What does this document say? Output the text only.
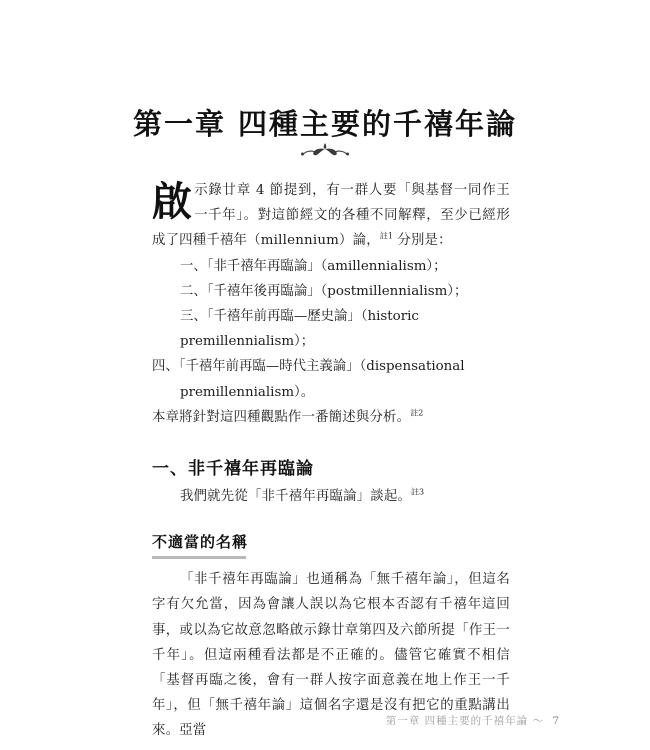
第一章 四種主要的千禧年論

啟示錄廿章 4 節提到，有一群人要「與基督一同作王一千年」。對這節經文的各種不同解釋，至少已經形成了四種千禧年（millennium）論，$^{註1}$ 分別是：

一、「非千禧年再臨論」（amillennialism）；
二、「千禧年後再臨論」（postmillennialism）；
三、「千禧年前再臨—歷史論」（historic premillennialism）；
四、「千禧年前再臨—時代主義論」（dispensational premillennialism）。

本章將針對這四種觀點作一番簡述與分析。$^{註2}$

一、非千禧年再臨論

我們就先從「非千禧年再臨論」談起。$^{註3}$

不適當的名稱

「非千禧年再臨論」也通稱為「無千禧年論」，但這名字有欠允當，因為會讓人誤以為它根本否認有千禧年這回事，或以為它故意忽略啟示錄廿章第四及六節所提「作王一千年」。但這兩種看法都是不正確的。儘管它確實不相信「基督再臨之後，會有一群人按字面意義在地上作王一千年」，但「無千禧年論」這個名字還是沒有把它的重點講出來。亞當

第一章 四種主要的千禧年論 ～ 7
